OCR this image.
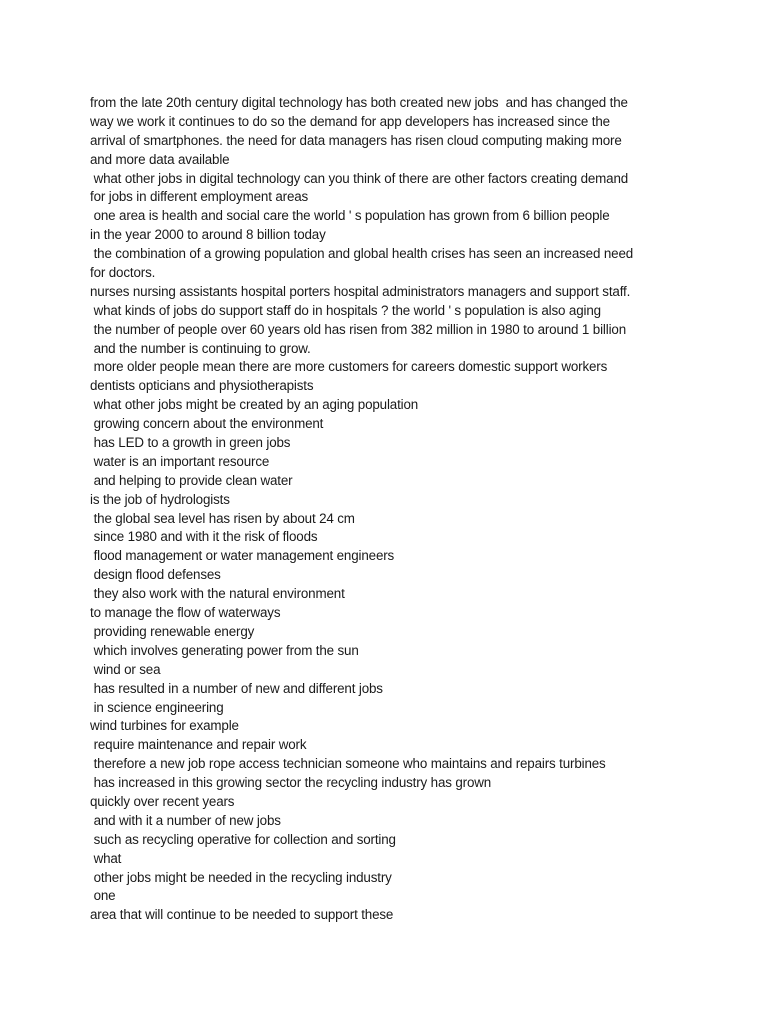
from the late 20th century digital technology has both created new jobs  and has changed the
way we work it continues to do so the demand for app developers has increased since the
arrival of smartphones. the need for data managers has risen cloud computing making more
and more data available
what other jobs in digital technology can you think of there are other factors creating demand
for jobs in different employment areas
one area is health and social care the world ' s population has grown from 6 billion people
in the year 2000 to around 8 billion today
the combination of a growing population and global health crises has seen an increased need
for doctors.
nurses nursing assistants hospital porters hospital administrators managers and support staff.
what kinds of jobs do support staff do in hospitals ? the world ' s population is also aging
the number of people over 60 years old has risen from 382 million in 1980 to around 1 billion
and the number is continuing to grow.
more older people mean there are more customers for careers domestic support workers
dentists opticians and physiotherapists
what other jobs might be created by an aging population
growing concern about the environment
has LED to a growth in green jobs
water is an important resource
and helping to provide clean water
is the job of hydrologists
the global sea level has risen by about 24 cm
since 1980 and with it the risk of floods
flood management or water management engineers
design flood defenses
they also work with the natural environment
to manage the flow of waterways
providing renewable energy
which involves generating power from the sun
wind or sea
has resulted in a number of new and different jobs
in science engineering
wind turbines for example
require maintenance and repair work
therefore a new job rope access technician someone who maintains and repairs turbines
has increased in this growing sector the recycling industry has grown
quickly over recent years
and with it a number of new jobs
such as recycling operative for collection and sorting
what
other jobs might be needed in the recycling industry
one
area that will continue to be needed to support these
